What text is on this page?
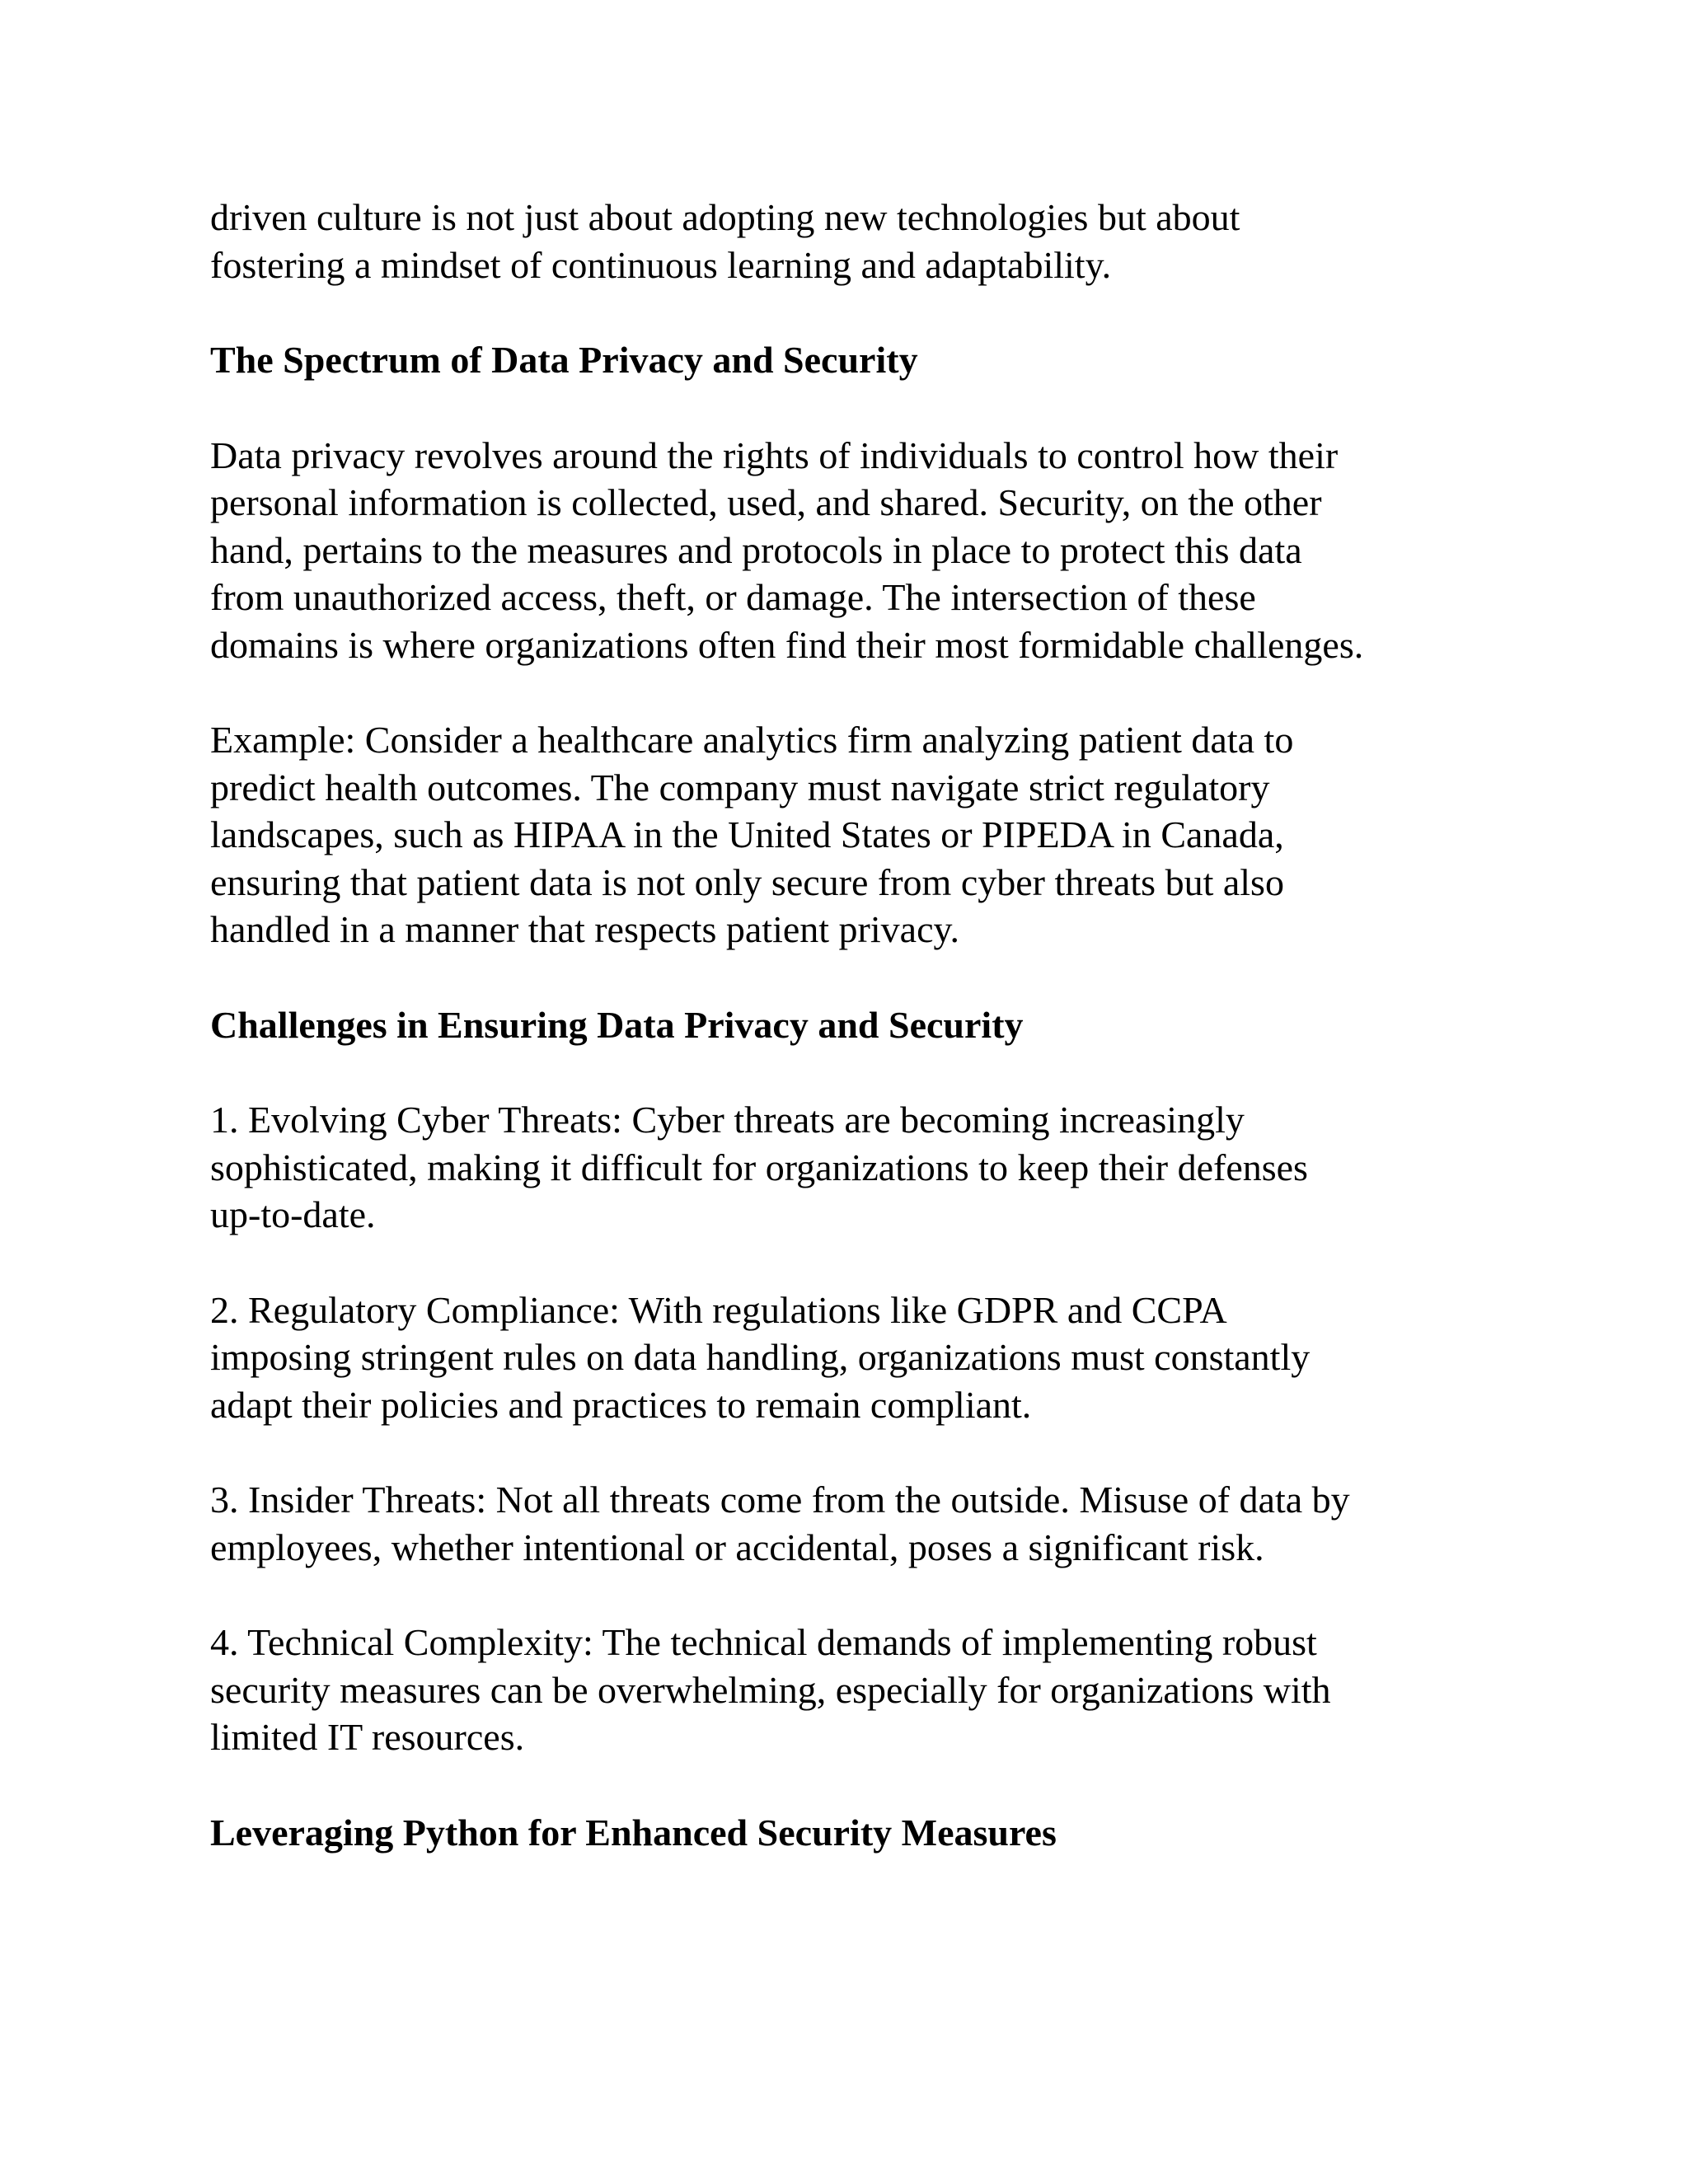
driven culture is not just about adopting new technologies but about
fostering a mindset of continuous learning and adaptability.

The Spectrum of Data Privacy and Security

Data privacy revolves around the rights of individuals to control how their
personal information is collected, used, and shared. Security, on the other
hand, pertains to the measures and protocols in place to protect this data
from unauthorized access, theft, or damage. The intersection of these
domains is where organizations often find their most formidable challenges.

Example: Consider a healthcare analytics firm analyzing patient data to
predict health outcomes. The company must navigate strict regulatory
landscapes, such as HIPAA in the United States or PIPEDA in Canada,
ensuring that patient data is not only secure from cyber threats but also
handled in a manner that respects patient privacy.

Challenges in Ensuring Data Privacy and Security

1. Evolving Cyber Threats: Cyber threats are becoming increasingly
sophisticated, making it difficult for organizations to keep their defenses
up-to-date.

2. Regulatory Compliance: With regulations like GDPR and CCPA
imposing stringent rules on data handling, organizations must constantly
adapt their policies and practices to remain compliant.

3. Insider Threats: Not all threats come from the outside. Misuse of data by
employees, whether intentional or accidental, poses a significant risk.

4. Technical Complexity: The technical demands of implementing robust
security measures can be overwhelming, especially for organizations with
limited IT resources.

Leveraging Python for Enhanced Security Measures
